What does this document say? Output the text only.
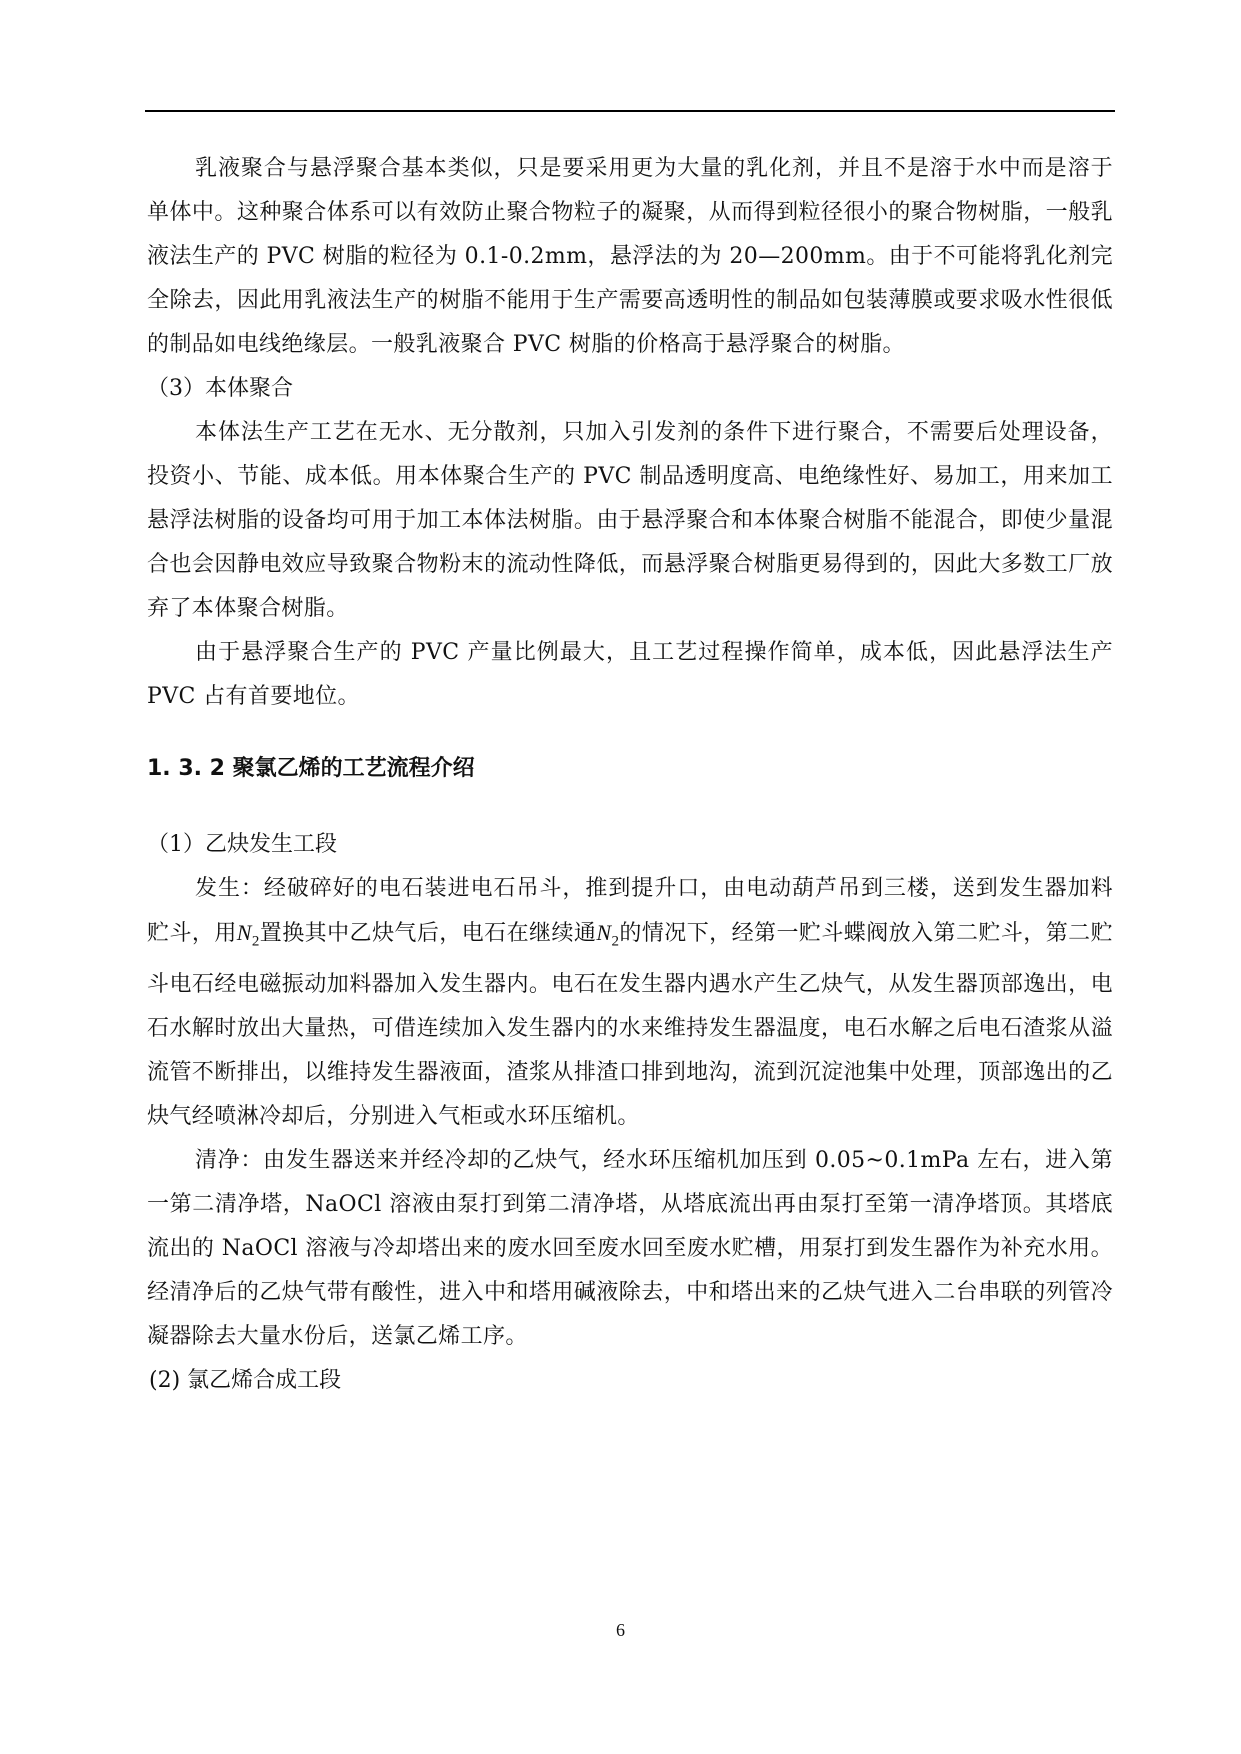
乳液聚合与悬浮聚合基本类似，只是要采用更为大量的乳化剂，并且不是溶于水中而是溶于单体中。这种聚合体系可以有效防止聚合物粒子的凝聚，从而得到粒径很小的聚合物树脂，一般乳液法生产的 PVC 树脂的粒径为 0.1-0.2mm，悬浮法的为 20—200mm。由于不可能将乳化剂完全除去，因此用乳液法生产的树脂不能用于生产需要高透明性的制品如包装薄膜或要求吸水性很低的制品如电线绝缘层。一般乳液聚合 PVC 树脂的价格高于悬浮聚合的树脂。

（3）本体聚合

本体法生产工艺在无水、无分散剂，只加入引发剂的条件下进行聚合，不需要后处理设备，投资小、节能、成本低。用本体聚合生产的 PVC 制品透明度高、电绝缘性好、易加工，用来加工悬浮法树脂的设备均可用于加工本体法树脂。由于悬浮聚合和本体聚合树脂不能混合，即使少量混合也会因静电效应导致聚合物粉末的流动性降低，而悬浮聚合树脂更易得到的，因此大多数工厂放弃了本体聚合树脂。

由于悬浮聚合生产的 PVC 产量比例最大，且工艺过程操作简单，成本低，因此悬浮法生产 PVC 占有首要地位。

1. 3. 2 聚氯乙烯的工艺流程介绍

（1）乙炔发生工段

发生：经破碎好的电石装进电石吊斗，推到提升口，由电动葫芦吊到三楼，送到发生器加料贮斗，用$N_2$置换其中乙炔气后，电石在继续通$N_2$的情况下，经第一贮斗蝶阀放入第二贮斗，第二贮斗电石经电磁振动加料器加入发生器内。电石在发生器内遇水产生乙炔气，从发生器顶部逸出，电石水解时放出大量热，可借连续加入发生器内的水来维持发生器温度，电石水解之后电石渣浆从溢流管不断排出，以维持发生器液面，渣浆从排渣口排到地沟，流到沉淀池集中处理，顶部逸出的乙炔气经喷淋冷却后，分别进入气柜或水环压缩机。

清净：由发生器送来并经冷却的乙炔气，经水环压缩机加压到 0.05~0.1mPa 左右，进入第一第二清净塔，NaOCl 溶液由泵打到第二清净塔，从塔底流出再由泵打至第一清净塔顶。其塔底流出的 NaOCl 溶液与冷却塔出来的废水回至废水回至废水贮槽，用泵打到发生器作为补充水用。经清净后的乙炔气带有酸性，进入中和塔用碱液除去，中和塔出来的乙炔气进入二台串联的列管冷凝器除去大量水份后，送氯乙烯工序。

(2) 氯乙烯合成工段

6
